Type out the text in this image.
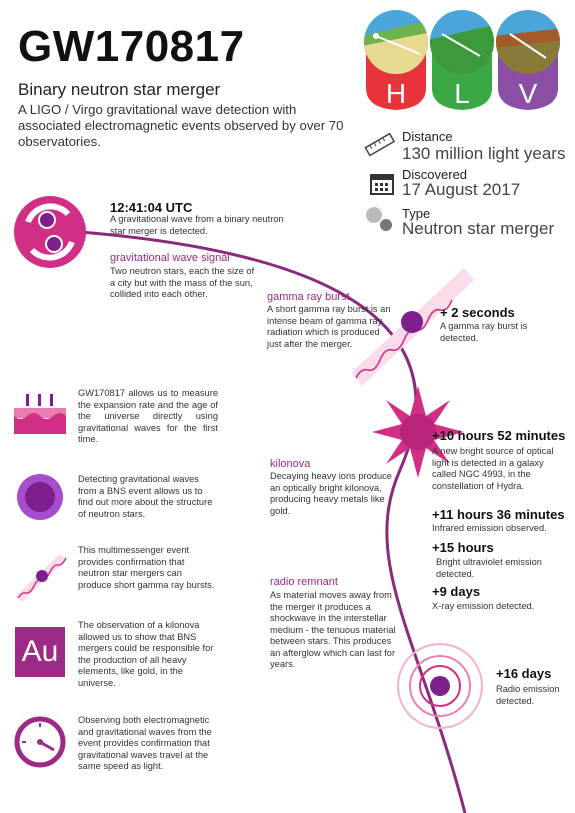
GW170817
Binary neutron star merger
A LIGO / Virgo gravitational wave detection with associated electromagnetic events observed by over 70 observatories.
H L V
Distance
130 million light years
Discovered
17 August 2017
Type
Neutron star merger
12:41:04 UTC
A gravitational wave from a binary neutron star merger is detected.
gravitational wave signal
Two neutron stars, each the size of a city but with the mass of the sun, collided into each other.	gamma ray burst
A short gamma ray burst is an intense beam of gamma ray radiation which is produced just after the merger.
+ 2 seconds
A gamma ray burst is detected.
+10 hours 52 minutes
A new bright source of optical light is detected in a galaxy called NGC 4993, in the constellation of Hydra.
kilonova
Decaying heavy ions produce an optically bright kilonova, producing heavy metals like gold.	+11 hours 36 minutes
Infrared emission observed.
+15 hours
Bright ultraviolet emission detected.
+9 days
X-ray emission detected.
radio remnant
As material moves away from the merger it produces a shockwave in the interstellar medium - the tenuous material between stars. This produces an afterglow which can last for years.
+16 days
Radio emission detected.
Au
GW170817 allows us to measure the expansion rate and the age of the universe directly using gravitational waves for the first time.
Detecting gravitational waves from a BNS event allows us to find out more about the structure of neutron stars.
This multimessenger event provides confirmation that neutron star mergers can produce short gamma ray bursts.
The observation of a kilonova allowed us to show that BNS mergers could be responsible for the production of all heavy elements, like gold, in the universe.
Observing both electromagnetic and gravitational waves from the event provides confirmation that gravitational waves travel at the same speed as light.
